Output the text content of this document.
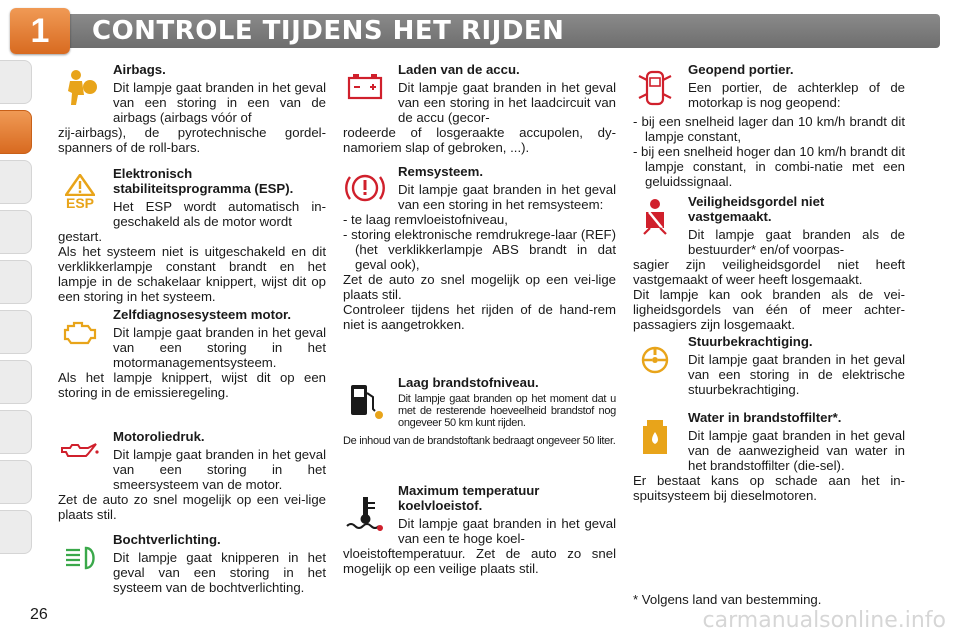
1	CONTROLE TIJDENS HET RIJDEN
Airbags.
Dit lampje gaat branden in het geval van een storing in een van de airbags (airbags vóór of
zij-airbags), de pyrotechnische gordel-spanners of de roll-bars.
ESP
Elektronisch stabiliteitsprogramma (ESP).
Het ESP wordt automatisch in-geschakeld als de motor wordt
gestart.

Als het systeem niet is uitgeschakeld en dit verklikkerlampje constant brandt en het lampje in de schakelaar knippert, wijst dit op een storing in het systeem.

Zelfdiagnosesysteem motor.
Dit lampje gaat branden in het geval van een storing in het motormanagementsysteem.
Als het lampje knippert, wijst dit op een storing in de emissieregeling.
Motoroliedruk.
Dit lampje gaat branden in het geval van een storing in het smeersysteem van de motor.
Zet de auto zo snel mogelijk op een vei-lige plaats stil.
Bochtverlichting.
Dit lampje gaat knipperen in het geval van een storing in het systeem van de bochtverlichting.
Laden van de accu.
Dit lampje gaat branden in het geval van een storing in het laadcircuit van de accu (gecor-
rodeerde of losgeraakte accupolen, dy-namoriem slap of gebroken, ...).
Remsysteem.
Dit lampje gaat branden in het geval van een storing in het remsysteem:
- te laag remvloeistofniveau,
- storing elektronische remdrukrege-laar (REF) (het verklikkerlampje ABS brandt in dat geval ook),
Zet de auto zo snel mogelijk op een vei-lige plaats stil.

Controleer tijdens het rijden of de hand-rem niet is aangetrokken.

Laag brandstofniveau.
Dit lampje gaat branden op het moment dat u met de resterende hoeveelheid brandstof nog ongeveer 50 km kunt rijden.
De inhoud van de brandstoftank bedraagt ongeveer 50 liter.
Maximum temperatuur koelvloeistof.
Dit lampje gaat branden in het geval van een te hoge koel-
vloeistoftemperatuur. Zet de auto zo snel mogelijk op een veilige plaats stil.
Geopend portier.
Een portier, de achterklep of de motorkap is nog geopend:
- bij een snelheid lager dan 10 km/h brandt dit lampje constant,
- bij een snelheid hoger dan 10 km/h brandt dit lampje constant, in combi-natie met een geluidssignaal.
Veiligheidsgordel niet vastgemaakt.
Dit lampje gaat branden als de bestuurder* en/of voorpas-
sagier zijn veiligheidsgordel niet heeft vastgemaakt of weer heeft losgemaakt.

Dit lampje kan ook branden als de vei-ligheidsgordels van één of meer achter-passagiers zijn losgemaakt.

Stuurbekrachtiging.
Dit lampje gaat branden in het geval van een storing in de elektrische stuurbekrachtiging.
Water in brandstoffilter*.
Dit lampje gaat branden in het geval van de aanwezigheid van water in het brandstoffilter (die-sel).
Er bestaat kans op schade aan het in-spuitsysteem bij dieselmotoren.
* Volgens land van bestemming.
26	carmanualsonline.info
